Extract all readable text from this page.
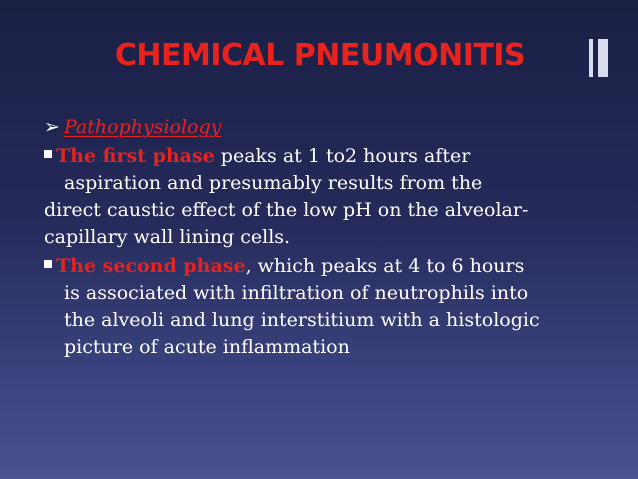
CHEMICAL PNEUMONITIS
➢ Pathophysiology
The first phase peaks at 1 to2 hours after
aspiration and presumably results from the
direct caustic effect of the low pH on the alveolar-
capillary wall lining cells.
The second phase, which peaks at 4 to 6 hours
is associated with infiltration of neutrophils into
the alveoli and lung interstitium with a histologic
picture of acute inflammation
